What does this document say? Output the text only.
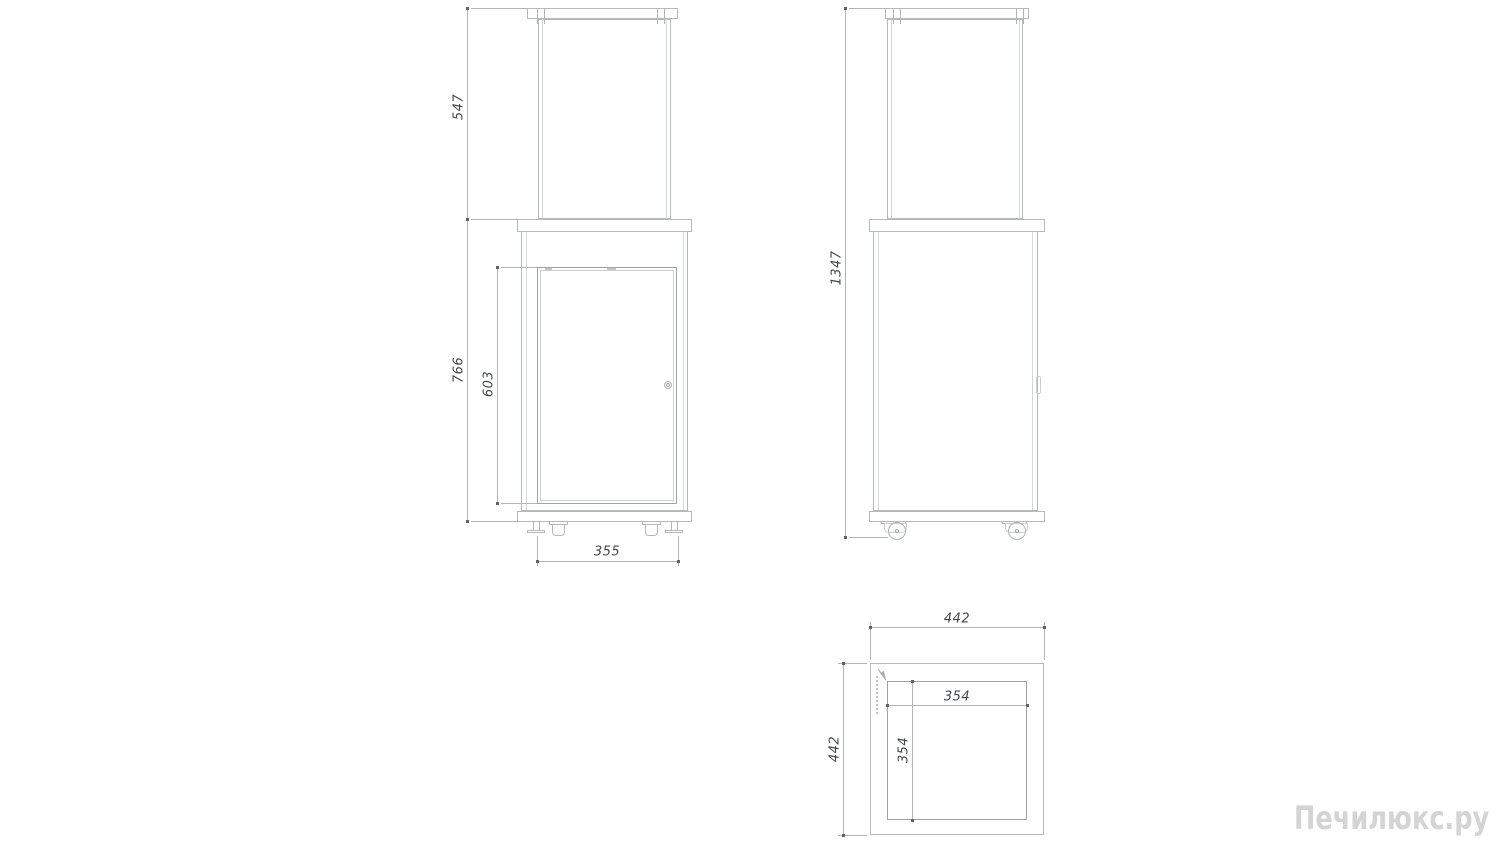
547
766
603
355
1347
442
442
354
354
Печилюкс.ру
